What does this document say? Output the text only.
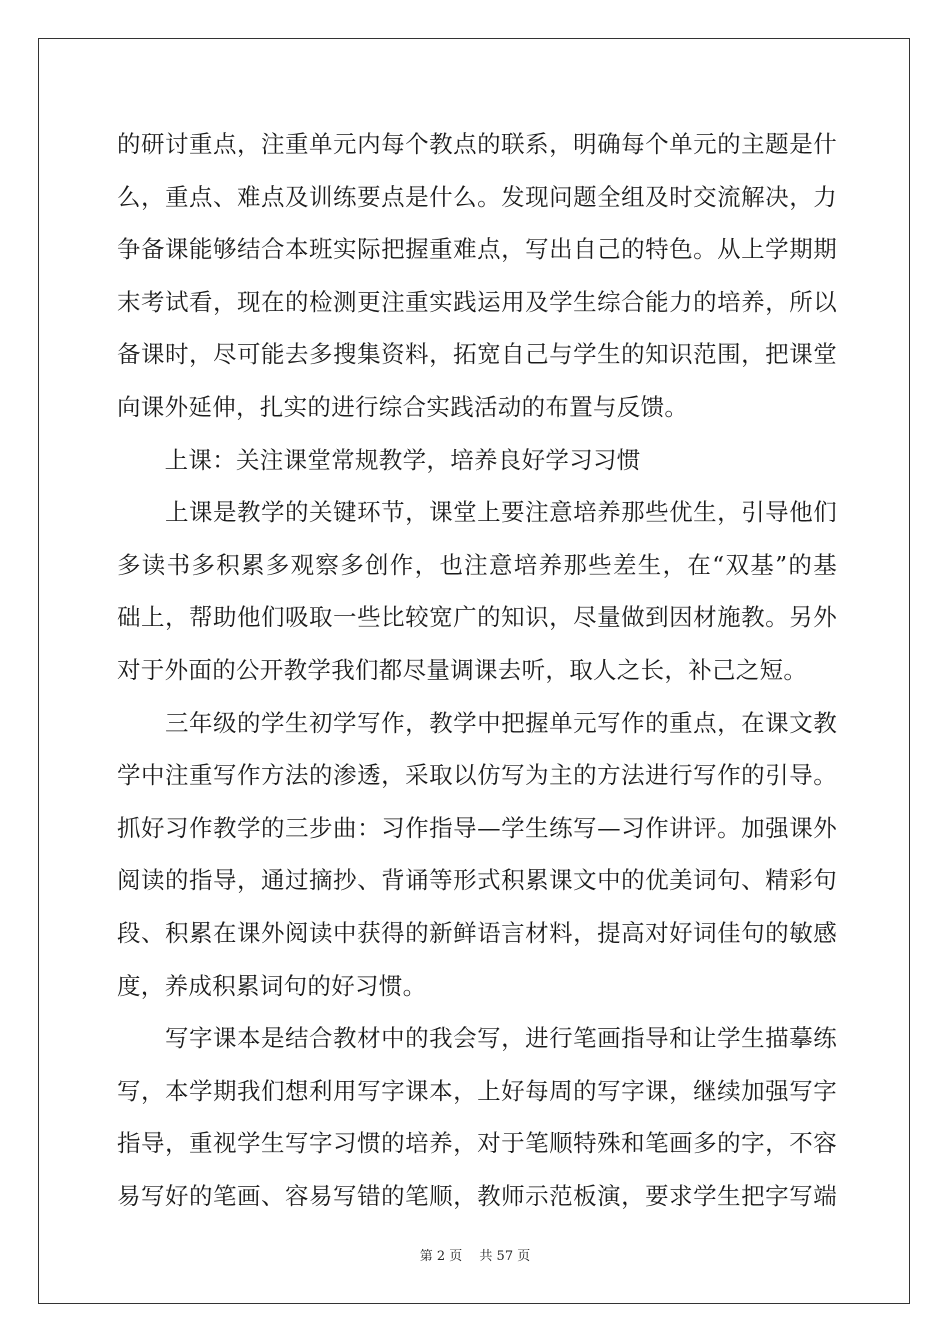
的研讨重点，注重单元内每个教点的联系，明确每个单元的主题是什
么，重点、难点及训练要点是什么。发现问题全组及时交流解决，力
争备课能够结合本班实际把握重难点，写出自己的特色。从上学期期
末考试看，现在的检测更注重实践运用及学生综合能力的培养，所以
备课时，尽可能去多搜集资料，拓宽自己与学生的知识范围，把课堂
向课外延伸，扎实的进行综合实践活动的布置与反馈。
　　上课：关注课堂常规教学，培养良好学习习惯
　　上课是教学的关键环节，课堂上要注意培养那些优生，引导他们
多读书多积累多观察多创作，也注意培养那些差生，在“双基”的基
础上，帮助他们吸取一些比较宽广的知识，尽量做到因材施教。另外
对于外面的公开教学我们都尽量调课去听，取人之长，补己之短。
　　三年级的学生初学写作，教学中把握单元写作的重点，在课文教
学中注重写作方法的渗透，采取以仿写为主的方法进行写作的引导。
抓好习作教学的三步曲：习作指导—学生练写—习作讲评。加强课外
阅读的指导，通过摘抄、背诵等形式积累课文中的优美词句、精彩句
段、积累在课外阅读中获得的新鲜语言材料，提高对好词佳句的敏感
度，养成积累词句的好习惯。
　　写字课本是结合教材中的我会写，进行笔画指导和让学生描摹练
写，本学期我们想利用写字课本，上好每周的写字课，继续加强写字
指导，重视学生写字习惯的培养，对于笔顺特殊和笔画多的字，不容
易写好的笔画、容易写错的笔顺，教师示范板演，要求学生把字写端
第 2 页　 共 57 页
